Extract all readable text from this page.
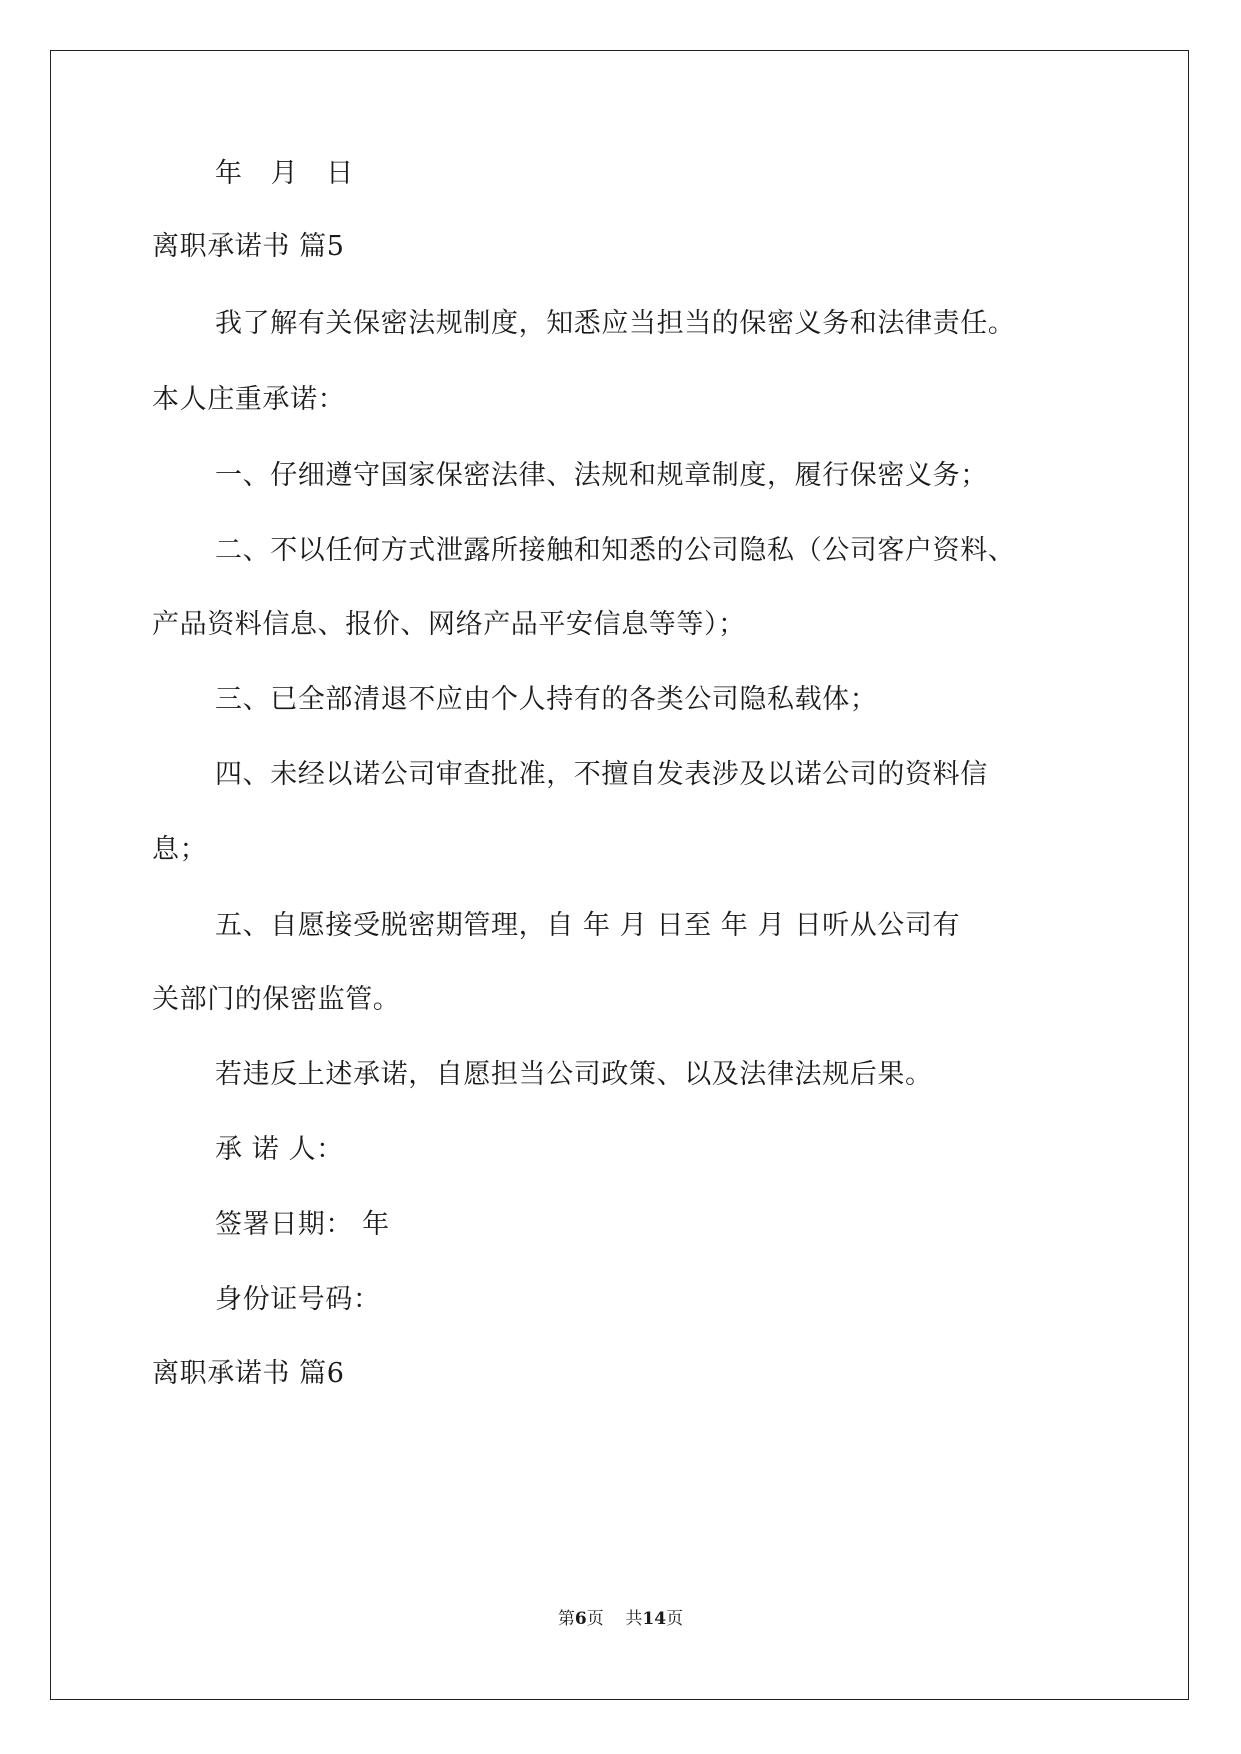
年 月 日
离职承诺书 篇5
我了解有关保密法规制度，知悉应当担当的保密义务和法律责任。
本人庄重承诺：
一、仔细遵守国家保密法律、法规和规章制度，履行保密义务；
二、不以任何方式泄露所接触和知悉的公司隐私（公司客户资料、
产品资料信息、报价、网络产品平安信息等等）；
三、已全部清退不应由个人持有的各类公司隐私载体；
四、未经以诺公司审查批准，不擅自发表涉及以诺公司的资料信
息；
五、自愿接受脱密期管理，自 年 月 日至 年 月 日听从公司有
关部门的保密监管。
若违反上述承诺，自愿担当公司政策、以及法律法规后果。
承 诺 人：
签署日期： 年
身份证号码：
离职承诺书 篇6
第6页 共14页
